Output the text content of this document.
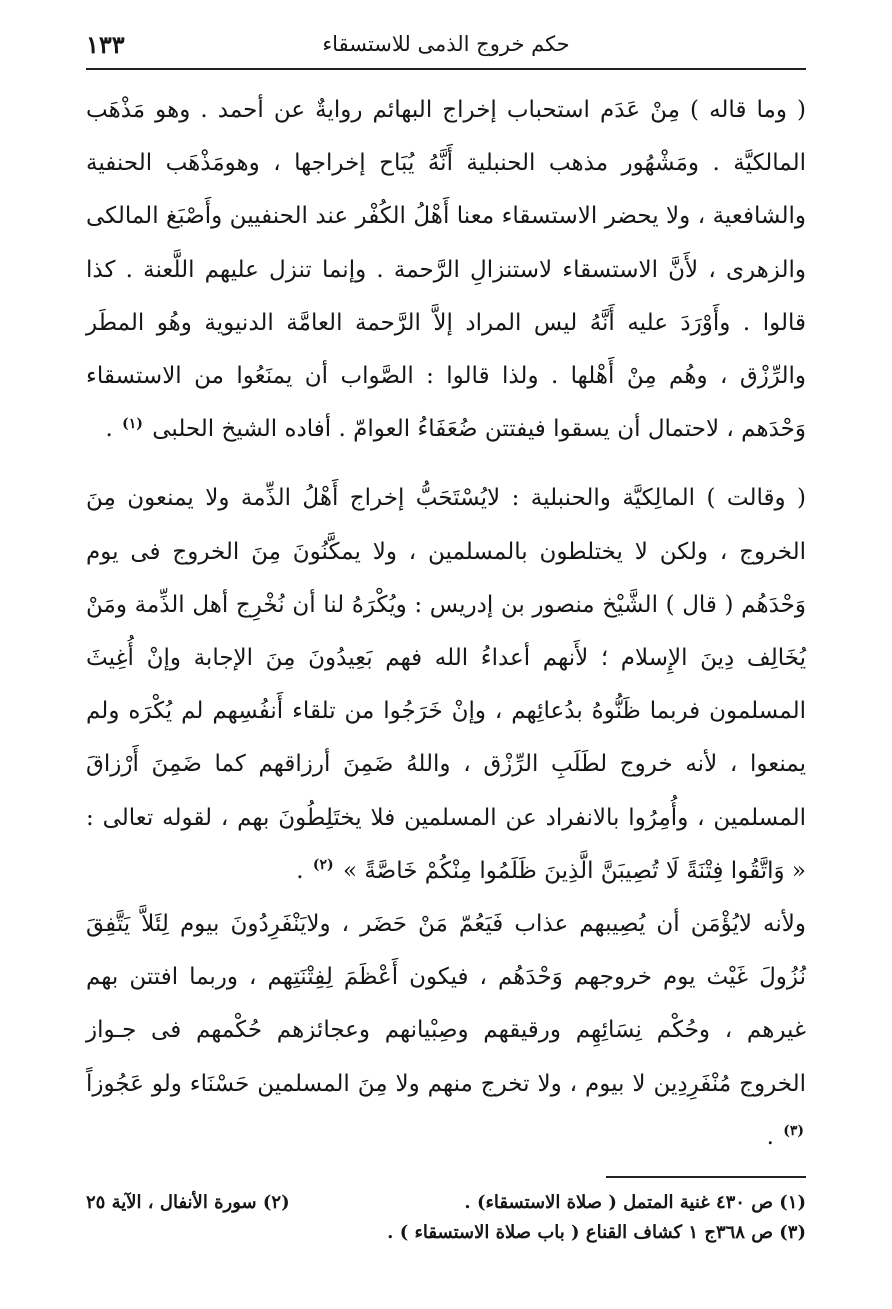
حكم خروج الذمى للاستسقاء
١٣٣

( وما قاله ) مِنْ عَدَم استحباب إخراج البهائم روايةٌ عن أحمد . وهو مَذْهَب المالكيَّة . ومَشْهُور مذهب الحنبلية أَنَّهُ يُبَاح إخراجها ، وهومَذْهَب الحنفية والشافعية ، ولا يحضر الاستسقاء معنا أَهْلُ الكُفْر عند الحنفيين وأَصْبَغ المالكى والزهرى ، لأَنَّ الاستسقاء لاستنزالِ الرَّحمة . وإنما تنزل عليهم اللَّعنة . كذا قالوا . وأَوْرَدَ عليه أَنَّهُ ليس المراد إلاَّ الرَّحمة العامَّة الدنيوية وهُو المطَر والرِّزْق ، وهُم مِنْ أَهْلها . ولذا قالوا : الصَّواب أن يمنَعُوا من الاستسقاء وَحْدَهم ، لاحتمال أن يسقوا فيفتتن ضُعَفَاءُ العوامّ . أفاده الشيخ الحلبى $^{(١)}$ .

( وقالت ) المالِكيَّة والحنبلية : لايُسْتَحَبُّ إخراج أَهْلُ الذِّمة ولا يمنعون مِنَ الخروج ، ولكن لا يختلطون بالمسلمين ، ولا يمكَّنُونَ مِنَ الخروج فى يوم وَحْدَهُم ( قال ) الشَّيْخ منصور بن إدريس : ويُكْرَهُ لنا أن نُخْرِج أهل الذِّمة ومَنْ يُخَالِف دِينَ الإِسلام ؛ لأَنهم أعداءُ الله فهم بَعِيدُونَ مِنَ الإجابة وإنْ أُغِيثَ المسلمون فربما ظَنُّوهُ بدُعائِهم ، وإنْ خَرَجُوا من تلقاء أَنفُسِهم لم يُكْرَه ولم يمنعوا ، لأنه خروج لطَلَبِ الرِّزْق ، واللهُ ضَمِنَ أرزاقهم كما ضَمِنَ أَرْزاقَ المسلمين ، وأُمِرُوا بالانفراد عن المسلمين فلا يختَلِطُونَ بهم ، لقوله تعالى : « وَاتَّقُوا فِتْنَةً لَا تُصِيبَنَّ الَّذِينَ ظَلَمُوا مِنْكُمْ خَاصَّةً » $^{(٢)}$ .

ولأنه لايُؤْمَن أن يُصِيبهم عذاب فَيَعُمّ مَنْ حَضَر ، ولايَنْفَرِدُونَ بيوم لِئَلاَّ يَتَّفِقَ نُزُولَ غَيْث يوم خروجهم وَحْدَهُم ، فيكون أَعْظَمَ لِفِتْنَتِهم ، وربما افتتن بهم غيرهم ، وحُكْم نِسَائِهِم ورقيقهم وصِبْيانهم وعجائزهم حُكْمهم فى جـواز الخروج مُنْفَرِدِين لا بيوم ، ولا تخرج منهم ولا مِنَ المسلمين حَسْنَاء ولو عَجُوزاً $^{(٣)}$ .

(١) ص ٤٣٠ غنية المتمل ( صلاة الاستسقاء) .
(٢) سورة الأنفال ، الآية ٢٥
(٣) ص ٣٦٨ج ١ كشاف القناع ( باب صلاة الاستسقاء ) .
